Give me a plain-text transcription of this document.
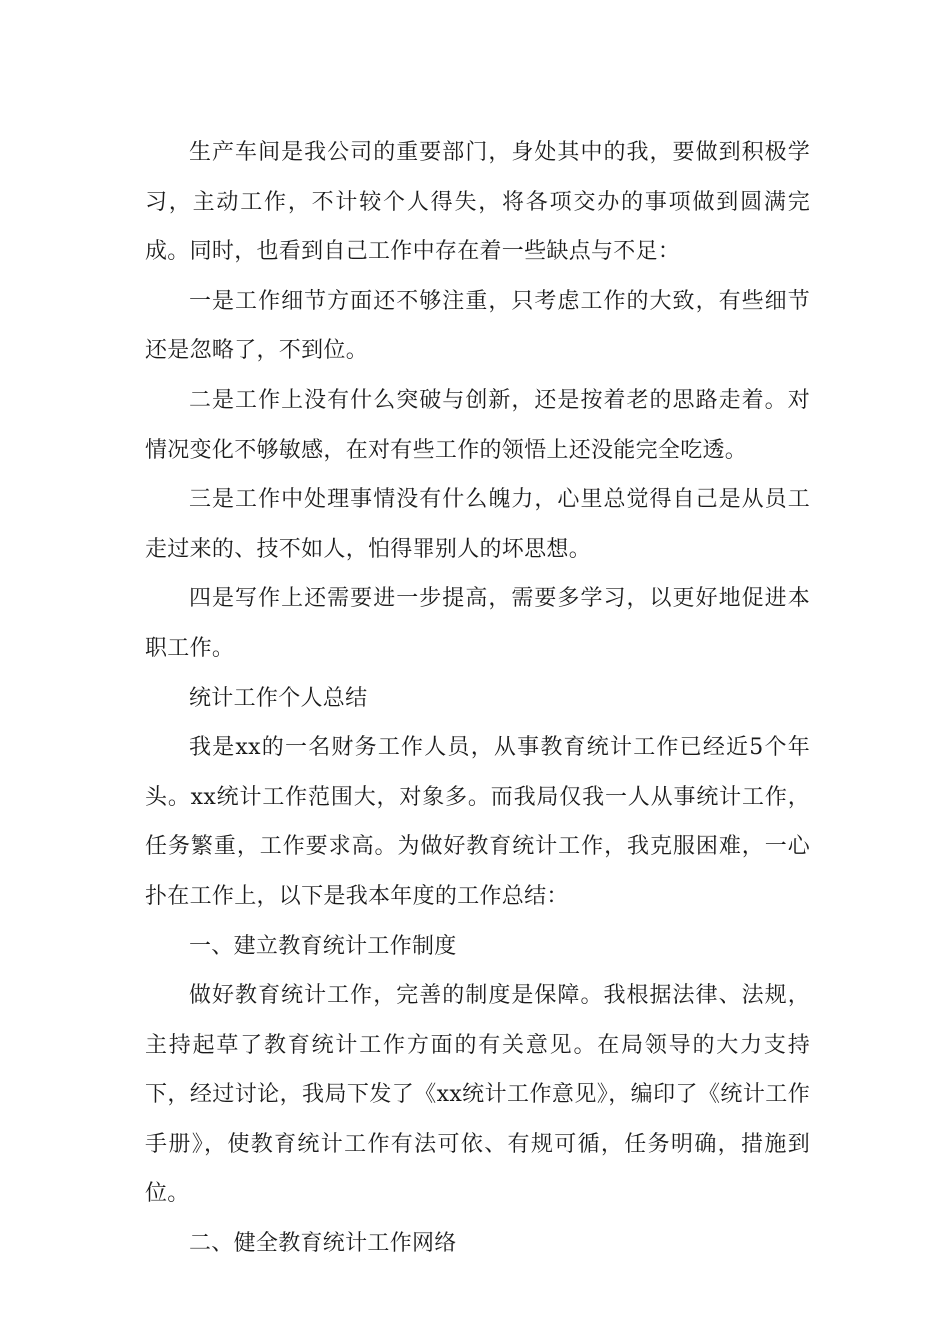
生产车间是我公司的重要部门，身处其中的我，要做到积极学习，主动工作，不计较个人得失，将各项交办的事项做到圆满完成。同时，也看到自己工作中存在着一些缺点与不足：

一是工作细节方面还不够注重，只考虑工作的大致，有些细节还是忽略了，不到位。

二是工作上没有什么突破与创新，还是按着老的思路走着。对情况变化不够敏感，在对有些工作的领悟上还没能完全吃透。

三是工作中处理事情没有什么魄力，心里总觉得自己是从员工走过来的、技不如人，怕得罪别人的坏思想。

四是写作上还需要进一步提高，需要多学习，以更好地促进本职工作。

统计工作个人总结

我是xx的一名财务工作人员，从事教育统计工作已经近5个年头。xx统计工作范围大，对象多。而我局仅我一人从事统计工作，任务繁重，工作要求高。为做好教育统计工作，我克服困难，一心扑在工作上，以下是我本年度的工作总结：

一、建立教育统计工作制度

做好教育统计工作，完善的制度是保障。我根据法律、法规，主持起草了教育统计工作方面的有关意见。在局领导的大力支持下，经过讨论，我局下发了《xx统计工作意见》，编印了《统计工作手册》，使教育统计工作有法可依、有规可循，任务明确，措施到位。

二、健全教育统计工作网络
